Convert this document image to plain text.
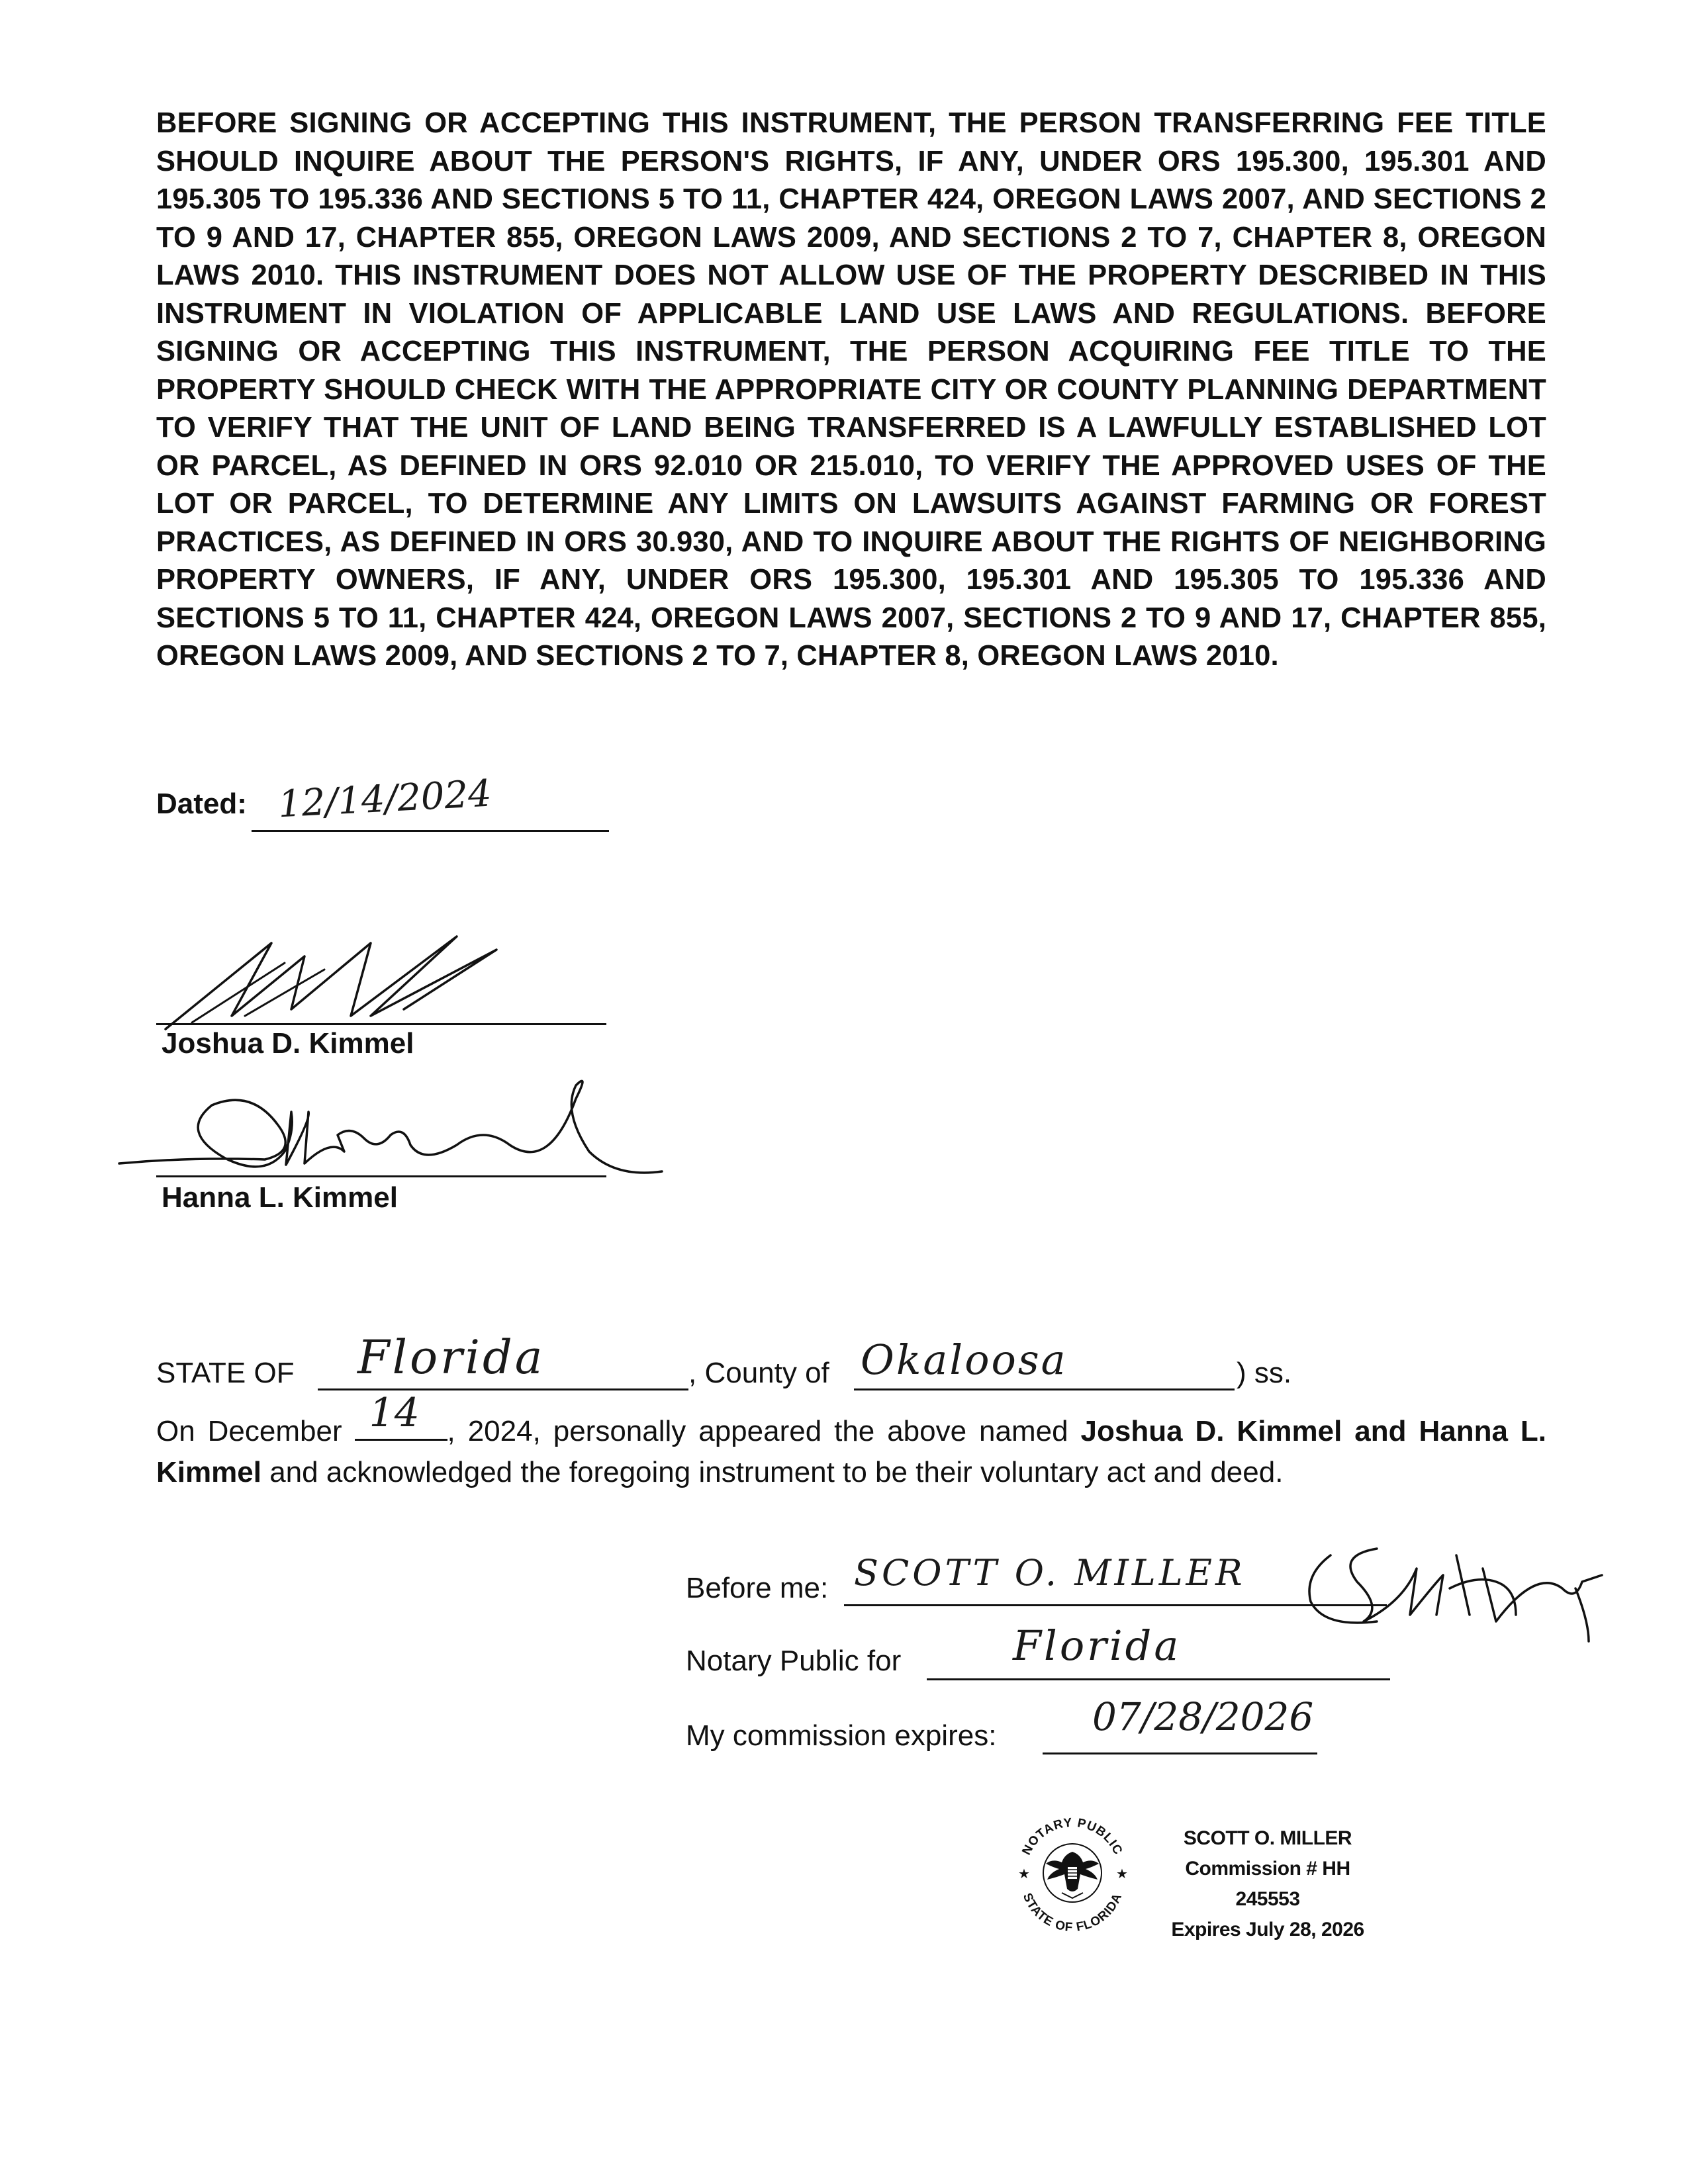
BEFORE SIGNING OR ACCEPTING THIS INSTRUMENT, THE PERSON TRANSFERRING FEE TITLE SHOULD INQUIRE ABOUT THE PERSON'S RIGHTS, IF ANY, UNDER ORS 195.300, 195.301 AND 195.305 TO 195.336 AND SECTIONS 5 TO 11, CHAPTER 424, OREGON LAWS 2007, AND SECTIONS 2 TO 9 AND 17, CHAPTER 855, OREGON LAWS 2009, AND SECTIONS 2 TO 7, CHAPTER 8, OREGON LAWS 2010. THIS INSTRUMENT DOES NOT ALLOW USE OF THE PROPERTY DESCRIBED IN THIS INSTRUMENT IN VIOLATION OF APPLICABLE LAND USE LAWS AND REGULATIONS. BEFORE SIGNING OR ACCEPTING THIS INSTRUMENT, THE PERSON ACQUIRING FEE TITLE TO THE PROPERTY SHOULD CHECK WITH THE APPROPRIATE CITY OR COUNTY PLANNING DEPARTMENT TO VERIFY THAT THE UNIT OF LAND BEING TRANSFERRED IS A LAWFULLY ESTABLISHED LOT OR PARCEL, AS DEFINED IN ORS 92.010 OR 215.010, TO VERIFY THE APPROVED USES OF THE LOT OR PARCEL, TO DETERMINE ANY LIMITS ON LAWSUITS AGAINST FARMING OR FOREST PRACTICES, AS DEFINED IN ORS 30.930, AND TO INQUIRE ABOUT THE RIGHTS OF NEIGHBORING PROPERTY OWNERS, IF ANY, UNDER ORS 195.300, 195.301 AND 195.305 TO 195.336 AND SECTIONS 5 TO 11, CHAPTER 424, OREGON LAWS 2007, SECTIONS 2 TO 9 AND 17, CHAPTER 855, OREGON LAWS 2009, AND SECTIONS 2 TO 7, CHAPTER 8, OREGON LAWS 2010.
Dated: 12/14/2024
Joshua D. Kimmel
Hanna L. Kimmel
STATE OF Florida	, County of Okaloosa	) ss.
On December 14 , 2024, personally appeared the above named Joshua D. Kimmel and Hanna L. Kimmel and acknowledged the foregoing instrument to be their voluntary act and deed.
Before me: SCOTT O. MILLER
Notary Public for	Florida
My commission expires: 07/28/2026
NOTARY PUBLIC
STATE OF FLORIDA
★	★
SCOTT O. MILLER
Commission # HH 245553
Expires July 28, 2026
